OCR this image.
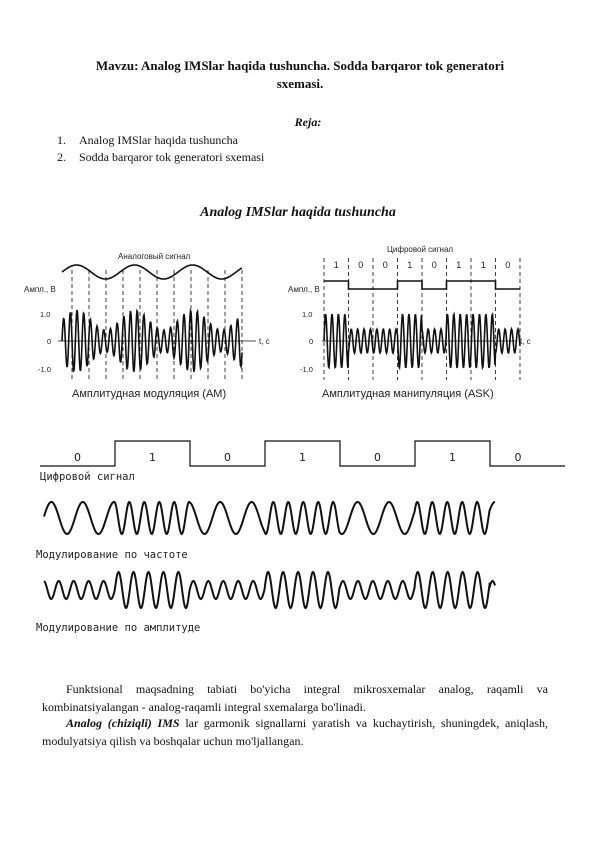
Mavzu: Analog IMSlar haqida tushuncha. Sodda barqaror tok generatori
sxemasi.
Reja:
1.	Analog IMSlar haqida tushuncha
2.	Sodda barqaror tok generatori sxemasi
Analog IMSlar haqida tushuncha
Аналоговый сигнал
Ампл., В
1.0
0
-1.0
t, c
Амплитудная модуляция (AM)
1 0 0 1 0 1 1 0
Цифровой сигнал
Ампл., В
1.0
0
-1.0
t, c
Амплитудная манипуляция (ASK)
0	1	0	1	0	1	0
Цифровой сигнал
Модулирование по частоте
Модулирование по амплитуде

Funktsional maqsadning tabiati bo'yicha integral mikrosxemalar analog, raqamli va kombinatsiyalangan - analog-raqamli integral sxemalarga bo'linadi.

Analog (chiziqli) IMS lar garmonik signallarni yaratish va kuchaytirish, shuningdek, aniqlash, modulyatsiya qilish va boshqalar uchun mo'ljallangan.
